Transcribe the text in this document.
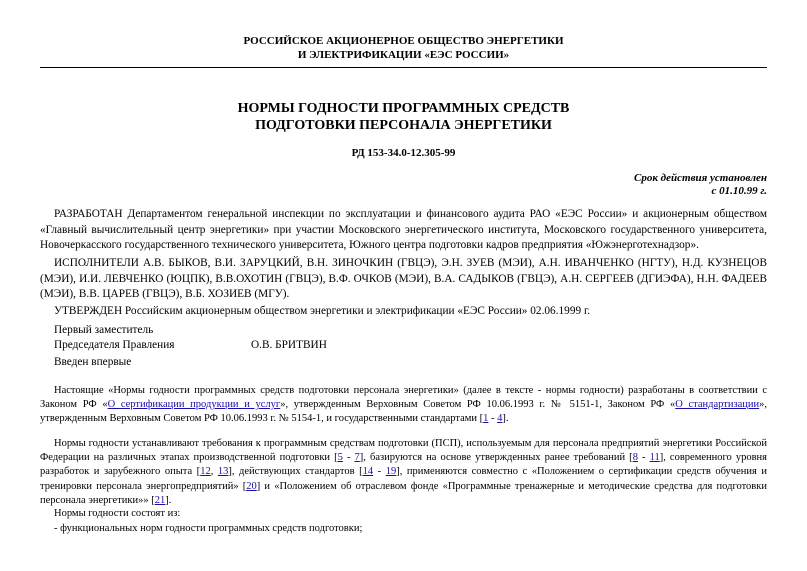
РОССИЙСКОЕ АКЦИОНЕРНОЕ ОБЩЕСТВО ЭНЕРГЕТИКИ
И ЭЛЕКТРИФИКАЦИИ «ЕЭС РОССИИ»
НОРМЫ ГОДНОСТИ ПРОГРАММНЫХ СРЕДСТВ
ПОДГОТОВКИ ПЕРСОНАЛА ЭНЕРГЕТИКИ
РД 153-34.0-12.305-99
Срок действия установлен
с 01.10.99 г.
РАЗРАБОТАН Департаментом генеральной инспекции по эксплуатации и финансового аудита РАО «ЕЭС России» и акционерным обществом «Главный вычислительный центр энергетики» при участии Московского энергетического института, Московского государственного университета, Новочеркасского государственного технического университета, Южного центра подготовки кадров предприятия «Южэнерготехнадзор».
ИСПОЛНИТЕЛИ А.В. БЫКОВ, В.И. ЗАРУЦКИЙ, В.Н. ЗИНОЧКИН (ГВЦЭ), Э.Н. ЗУЕВ (МЭИ), А.Н. ИВАНЧЕНКО (НГТУ), Н.Д. КУЗНЕЦОВ (МЭИ), И.И. ЛЕВЧЕНКО (ЮЦПК), В.В.ОХОТИН (ГВЦЭ), В.Ф. ОЧКОВ (МЭИ), В.А. САДЫКОВ (ГВЦЭ), А.Н. СЕРГЕЕВ (ДГИЭФА), Н.Н. ФАДЕЕВ (МЭИ), В.В. ЦАРЕВ (ГВЦЭ), В.Б. ХОЗИЕВ (МГУ).
УТВЕРЖДЕН Российским акционерным обществом энергетики и электрификации «ЕЭС России» 02.06.1999 г.
Первый заместитель
Председателя Правления	О.В. БРИТВИН
Введен впервые
Настоящие «Нормы годности программных средств подготовки персонала энергетики» (далее в тексте - нормы годности) разработаны в соответствии с Законом РФ «О сертификации продукции и услуг», утвержденным Верховным Советом РФ 10.06.1993 г. № 5151-1, Законом РФ «О стандартизации», утвержденным Верховным Советом РФ 10.06.1993 г. № 5154-1, и государственными стандартами [1 - 4].
Нормы годности устанавливают требования к программным средствам подготовки (ПСП), используемым для персонала предприятий энергетики Российской Федерации на различных этапах производственной подготовки [5 - 7], базируются на основе утвержденных ранее требований [8 - 11], современного уровня разработок и зарубежного опыта [12, 13], действующих стандартов [14 - 19], применяются совместно с «Положением о сертификации средств обучения и тренировки персонала энергопредприятий» [20] и «Положением об отраслевом фонде «Программные тренажерные и методические средства для подготовки персонала энергетики»» [21].
Нормы годности состоят из:
- функциональных норм годности программных средств подготовки;
